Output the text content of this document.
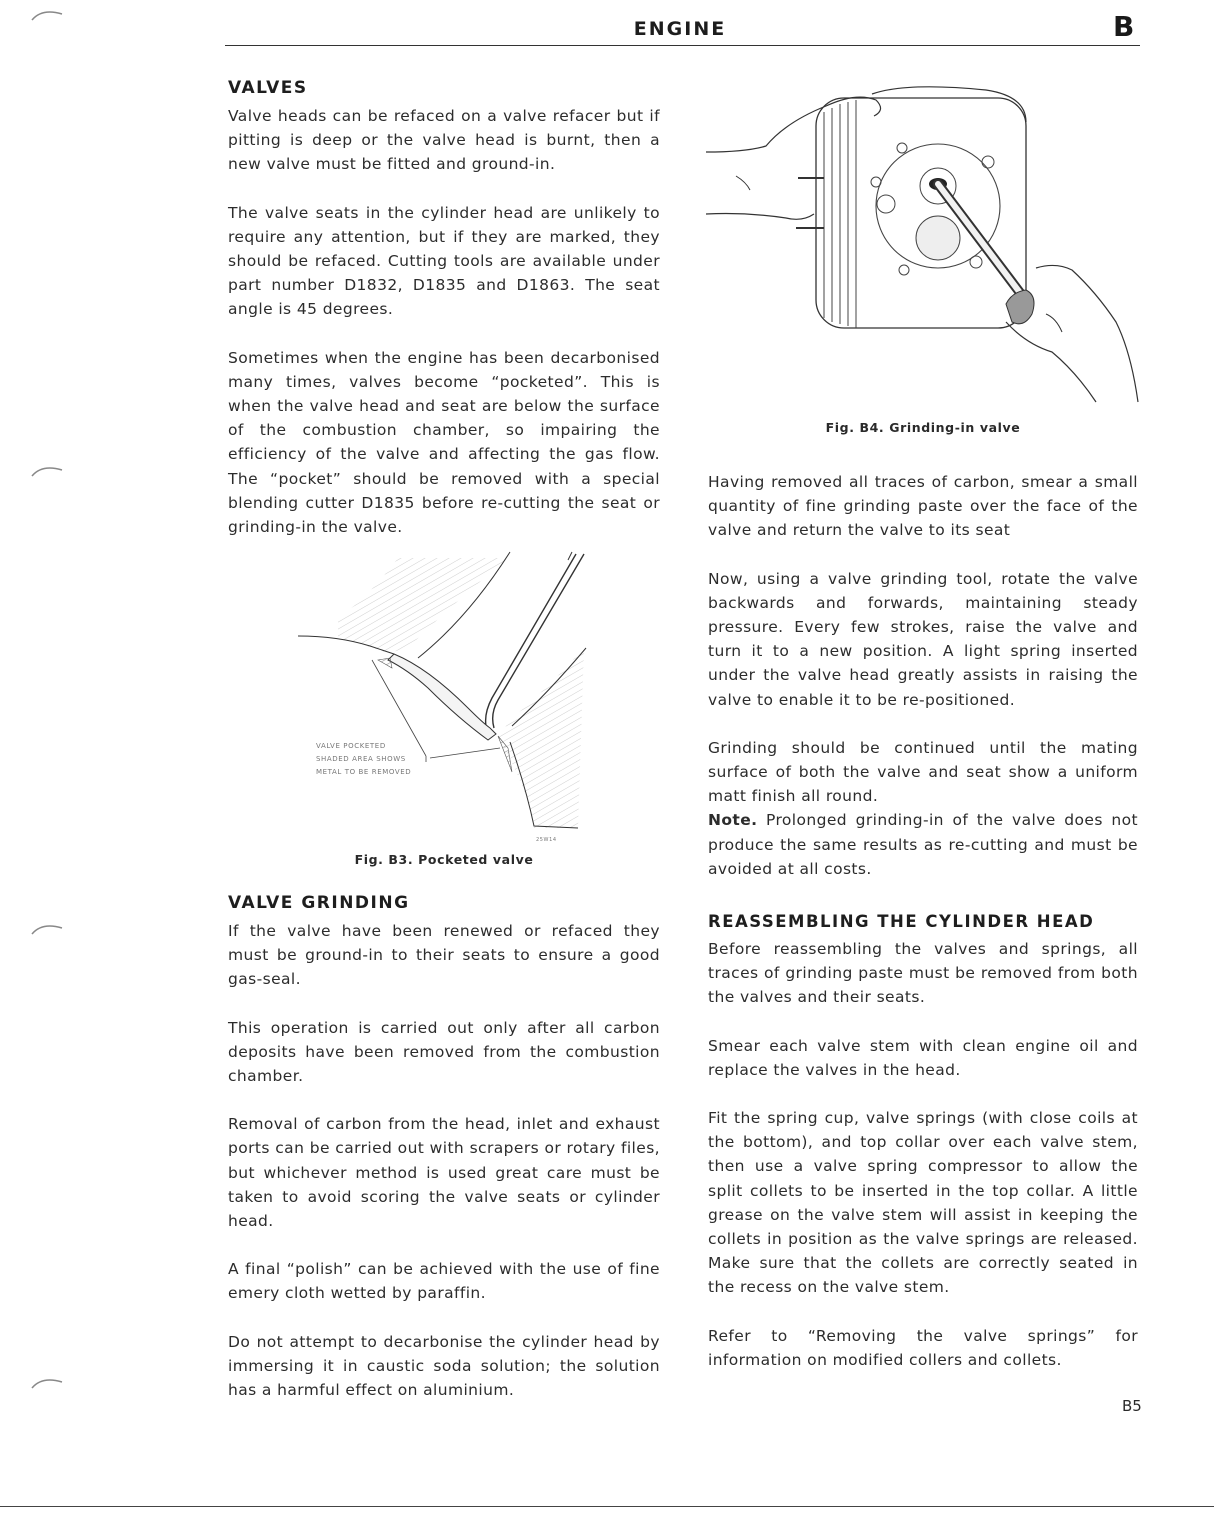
ENGINE	B
VALVES

Valve heads can be refaced on a valve refacer but if pitting is deep or the valve head is burnt, then a new valve must be fitted and ground-in.

The valve seats in the cylinder head are unlikely to require any attention, but if they are marked, they should be refaced. Cutting tools are available under part number D1832, D1835 and D1863. The seat angle is 45 degrees.

Sometimes when the engine has been decarbonised many times, valves become “pocketed”. This is when the valve head and seat are below the surface of the combustion chamber, so impairing the efficiency of the valve and affecting the gas flow. The “pocket” should be removed with a special blending cutter D1835 before re-cutting the seat or grinding-in the valve.

VALVE POCKETED
SHADED AREA SHOWS
METAL TO BE REMOVED
25W14
Fig. B3. Pocketed valve
VALVE GRINDING

If the valve have been renewed or refaced they must be ground-in to their seats to ensure a good gas-seal.

This operation is carried out only after all carbon deposits have been removed from the combustion chamber.

Removal of carbon from the head, inlet and exhaust ports can be carried out with scrapers or rotary files, but whichever method is used great care must be taken to avoid scoring the valve seats or cylinder head.

A final “polish” can be achieved with the use of fine emery cloth wetted by paraffin.

Do not attempt to decarbonise the cylinder head by immersing it in caustic soda solution; the solution has a harmful effect on aluminium.

Fig. B4. Grinding-in valve

Having removed all traces of carbon, smear a small quantity of fine grinding paste over the face of the valve and return the valve to its seat

Now, using a valve grinding tool, rotate the valve backwards and forwards, maintaining steady pressure. Every few strokes, raise the valve and turn it to a new position. A light spring inserted under the valve head greatly assists in raising the valve to enable it to be re-positioned.

Grinding should be continued until the mating surface of both the valve and seat show a uniform matt finish all round.

Note. Prolonged grinding-in of the valve does not produce the same results as re-cutting and must be avoided at all costs.

REASSEMBLING THE CYLINDER HEAD

Before reassembling the valves and springs, all traces of grinding paste must be removed from both the valves and their seats.

Smear each valve stem with clean engine oil and replace the valves in the head.

Fit the spring cup, valve springs (with close coils at the bottom), and top collar over each valve stem, then use a valve spring compressor to allow the split collets to be inserted in the top collar. A little grease on the valve stem will assist in keeping the collets in position as the valve springs are released. Make sure that the collets are correctly seated in the recess on the valve stem.

Refer to “Removing the valve springs” for information on modified collers and collets.

B5
